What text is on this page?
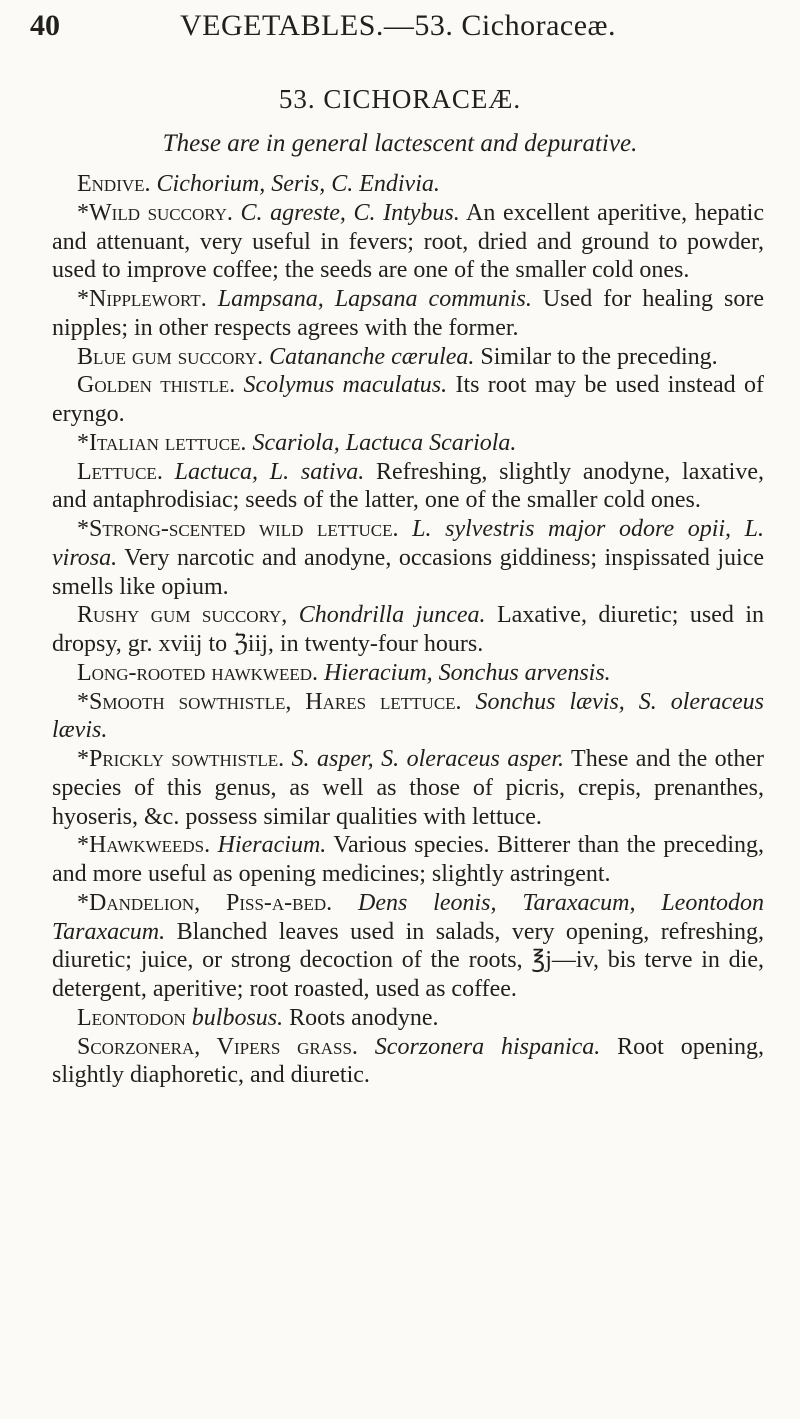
40	VEGETABLES.—53. Cichoraceæ.
53. CICHORACEÆ.
These are in general lactescent and depurative.

Endive. Cichorium, Seris, C. Endivia.

*Wild succory. C. agreste, C. Intybus. An excellent aperitive, hepatic and attenuant, very useful in fevers; root, dried and ground to powder, used to improve coffee; the seeds are one of the smaller cold ones.

*Nipplewort. Lampsana, Lapsana communis. Used for healing sore nipples; in other respects agrees with the former.

Blue gum succory. Catananche cærulea. Similar to the preceding.

Golden thistle. Scolymus maculatus. Its root may be used instead of eryngo.

*Italian lettuce. Scariola, Lactuca Scariola.

Lettuce. Lactuca, L. sativa. Refreshing, slightly anodyne, laxative, and antaphrodisiac; seeds of the latter, one of the smaller cold ones.

*Strong-scented wild lettuce. L. sylvestris major odore opii, L. virosa. Very narcotic and anodyne, occasions giddiness; inspissated juice smells like opium.

Rushy gum succory, Chondrilla juncea. Laxative, diuretic; used in dropsy, gr. xviij to ℨiij, in twenty-four hours.

Long-rooted hawkweed. Hieracium, Sonchus arvensis.

*Smooth sowthistle, Hares lettuce. Sonchus lævis, S. oleraceus lævis.

*Prickly sowthistle. S. asper, S. oleraceus asper. These and the other species of this genus, as well as those of picris, crepis, prenanthes, hyoseris, &c. possess similar qualities with lettuce.

*Hawkweeds. Hieracium. Various species. Bitterer than the preceding, and more useful as opening medicines; slightly astringent.

*Dandelion, Piss-a-bed. Dens leonis, Taraxacum, Leontodon Taraxacum. Blanched leaves used in salads, very opening, refreshing, diuretic; juice, or strong decoction of the roots, ℥j—iv, bis terve in die, detergent, aperitive; root roasted, used as coffee.

Leontodon bulbosus. Roots anodyne.

Scorzonera, Vipers grass. Scorzonera hispanica. Root opening, slightly diaphoretic, and diuretic.
